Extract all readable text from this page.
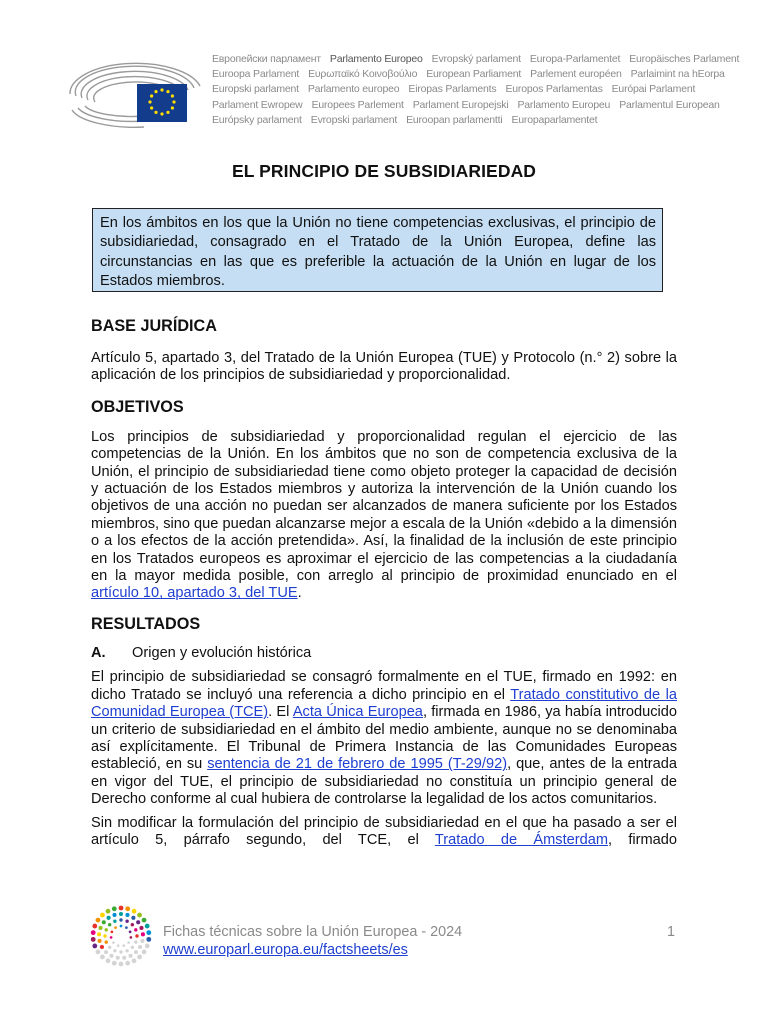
Европейски парламент Parlamento Europeo Evropský parlament Europa-Parlamentet Europäisches Parlament
Euroopa Parlament Ευρωπαϊκό Κοινοβούλιο European Parliament Parlement européen Parlaimint na hEorpa
Europski parlament Parlamento europeo Eiropas Parlaments Europos Parlamentas Európai Parlament
Parlament Ewropew Europees Parlement Parlament Europejski Parlamento Europeu Parlamentul European
Európsky parlament Evropski parlament Euroopan parlamentti Europaparlamentet
EL PRINCIPIO DE SUBSIDIARIEDAD
En los ámbitos en los que la Unión no tiene competencias exclusivas, el principio de subsidiariedad, consagrado en el Tratado de la Unión Europea, define las circunstancias en las que es preferible la actuación de la Unión en lugar de los Estados miembros.
BASE JURÍDICA

Artículo 5, apartado 3, del Tratado de la Unión Europea (TUE) y Protocolo (n.° 2) sobre la aplicación de los principios de subsidiariedad y proporcionalidad.

OBJETIVOS

Los principios de subsidiariedad y proporcionalidad regulan el ejercicio de las competencias de la Unión. En los ámbitos que no son de competencia exclusiva de la Unión, el principio de subsidiariedad tiene como objeto proteger la capacidad de decisión y actuación de los Estados miembros y autoriza la intervención de la Unión cuando los objetivos de una acción no puedan ser alcanzados de manera suficiente por los Estados miembros, sino que puedan alcanzarse mejor a escala de la Unión «debido a la dimensión o a los efectos de la acción pretendida». Así, la finalidad de la inclusión de este principio en los Tratados europeos es aproximar el ejercicio de las competencias a la ciudadanía en la mayor medida posible, con arreglo al principio de proximidad enunciado en el artículo 10, apartado 3, del TUE.

RESULTADOS
A. Origen y evolución histórica

El principio de subsidiariedad se consagró formalmente en el TUE, firmado en 1992: en dicho Tratado se incluyó una referencia a dicho principio en el Tratado constitutivo de la Comunidad Europea (TCE). El Acta Única Europea, firmada en 1986, ya había introducido un criterio de subsidiariedad en el ámbito del medio ambiente, aunque no se denominaba así explícitamente. El Tribunal de Primera Instancia de las Comunidades Europeas estableció, en su sentencia de 21 de febrero de 1995 (T-29/92), que, antes de la entrada en vigor del TUE, el principio de subsidiariedad no constituía un principio general de Derecho conforme al cual hubiera de controlarse la legalidad de los actos comunitarios.

Sin modificar la formulación del principio de subsidiariedad en el que ha pasado a ser el artículo 5, párrafo segundo, del TCE, el Tratado de Ámsterdam, firmado

Fichas técnicas sobre la Unión Europea - 2024
www.europarl.europa.eu/factsheets/es
1
